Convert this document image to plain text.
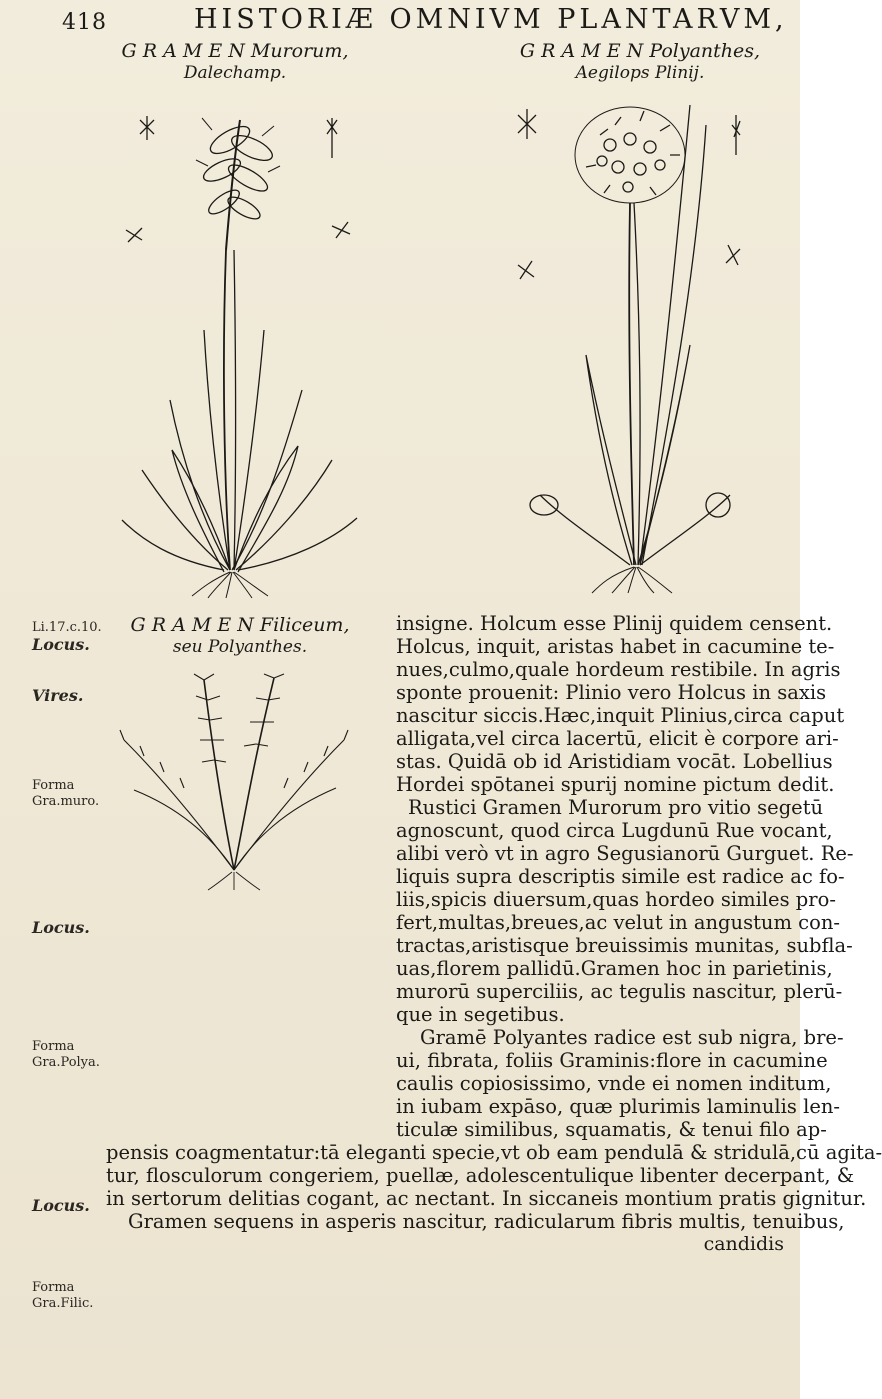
418	HISTORIÆ OMNIVM PLANTARVM,
G R A M E N Murorum,
Dalechamp.
G R A M E N Polyanthes,
Aegilops Plinij.
G R A M E N Filiceum,
seu Polyanthes.
Li.17.c.10.
Locus.
Vires.
Forma Gra.muro.
Locus.
Forma Gra.Polya.
Locus.
Forma Gra.Filic.
insigne. Holcum esse Plinij quidem censent.
Holcus, inquit, aristas habet in cacumine te-
nues,culmo,quale hordeum restibile. In agris
sponte prouenit: Plinio vero Holcus in saxis
nascitur siccis.Hæc,inquit Plinius,circa caput
alligata,vel circa lacertū, elicit è corpore ari-
stas. Quidā ob id Aristidiam vocāt. Lobellius
Hordei spōtanei spurij nomine pictum dedit.
Rustici Gramen Murorum pro vitio segetū
agnoscunt, quod circa Lugdunū Rue vocant,
alibi verò vt in agro Segusianorū Gurguet. Re-
liquis supra descriptis simile est radice ac fo-
liis,spicis diuersum,quas hordeo similes pro-
fert,multas,breues,ac velut in angustum con-
tractas,aristisque breuissimis munitas, subfla-
uas,florem pallidū.Gramen hoc in parietinis,
murorū superciliis, ac tegulis nascitur, plerū-
que in segetibus.
Gramē Polyantes radice est sub nigra, bre-
ui, fibrata, foliis Graminis:flore in cacumine
caulis copiosissimo, vnde ei nomen inditum,
in iubam expāso, quæ plurimis laminulis len-
ticulæ similibus, squamatis, & tenui filo ap-
pensis coagmentatur:tā eleganti specie,vt ob eam pendulā & stridulā,cū agita-
tur, flosculorum congeriem, puellæ, adolescentulique libenter decerpant, &
in sertorum delitias cogant, ac nectant. In siccaneis montium pratis gignitur.
Gramen sequens in asperis nascitur, radicularum fibris multis, tenuibus,
candidis
